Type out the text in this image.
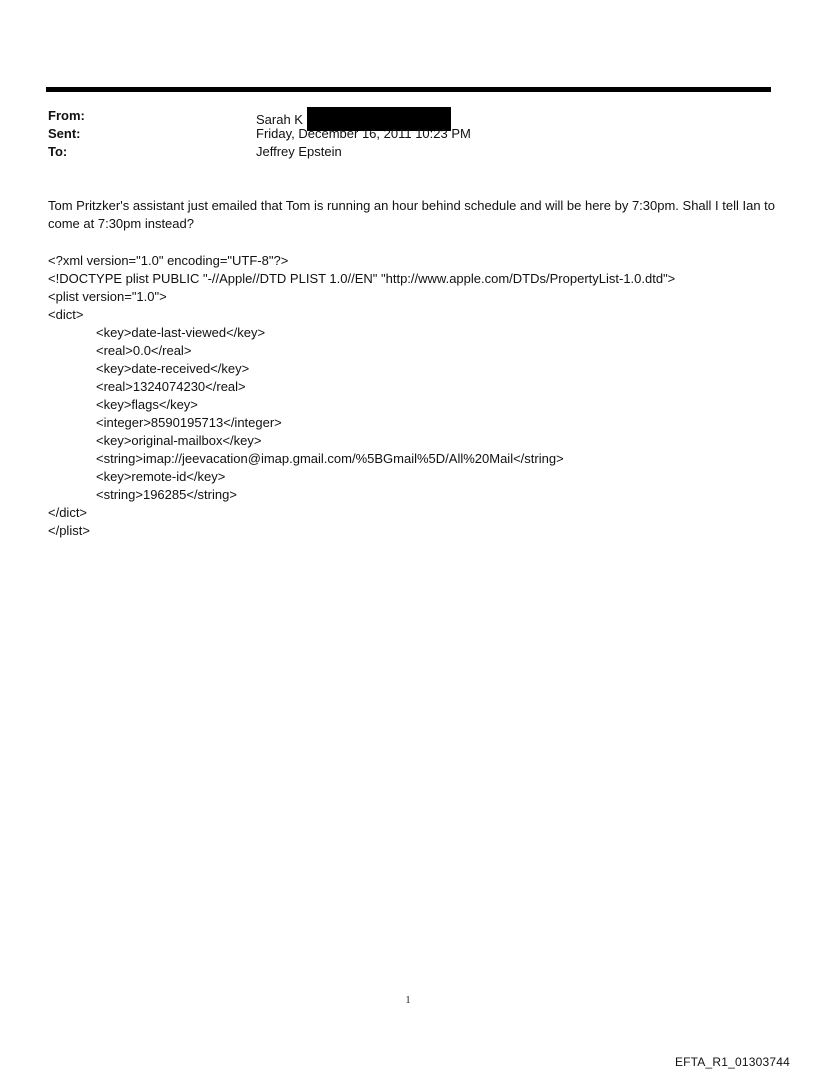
From:	Sarah K
Sent:	Friday, December 16, 2011 10:23 PM
To:	Jeffrey Epstein

Tom Pritzker's assistant just emailed that Tom is running an hour behind schedule and will be here by 7:30pm. Shall I tell Ian to come at 7:30pm instead?

<?xml version="1.0" encoding="UTF-8"?>
<!DOCTYPE plist PUBLIC "-//Apple//DTD PLIST 1.0//EN" "http://www.apple.com/DTDs/PropertyList-1.0.dtd">
<plist version="1.0">
<dict>
<key>date-last-viewed</key>
<real>0.0</real>
<key>date-received</key>
<real>1324074230</real>
<key>flags</key>
<integer>8590195713</integer>
<key>original-mailbox</key>
<string>imap://jeevacation@imap.gmail.com/%5BGmail%5D/All%20Mail</string>
<key>remote-id</key>
<string>196285</string>
</dict>
</plist>
1
EFTA_R1_01303744
